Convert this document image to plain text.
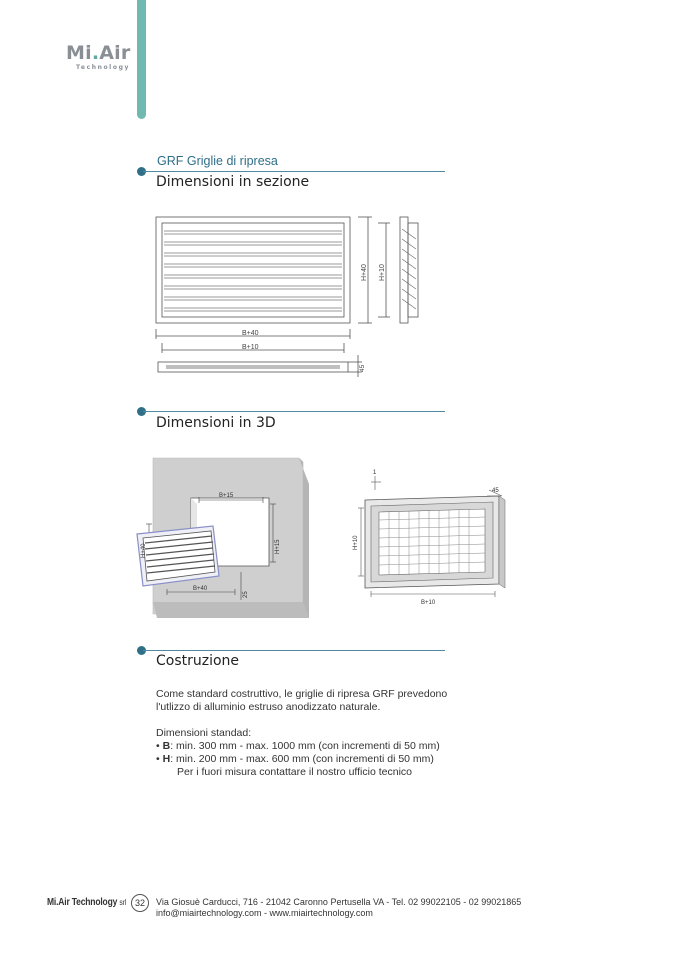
Mi.Air
Technology
GRF Griglie di ripresa
Dimensioni in sezione
B+40
B+10
H+40 H+10
45
Dimensioni in 3D
B+15
H+15
H+40
B+40
25
1
45
H+10
B+10
Costruzione

Come standard costruttivo, le griglie di ripresa GRF prevedono

l'utlizzo di alluminio estruso anodizzato naturale.

Dimensioni standad:

• B: min. 300 mm - max. 1000 mm (con incrementi di 50 mm)

• H: min. 200 mm - max. 600 mm (con incrementi di 50 mm)

Per i fuori misura contattare il nostro ufficio tecnico

Mi.Air Technology srl 32	Via Giosuè Carducci, 716 - 21042 Caronno Pertusella VA - Tel. 02 99022105 - 02 99021865

info@miairtechnology.com - www.miairtechnology.com
